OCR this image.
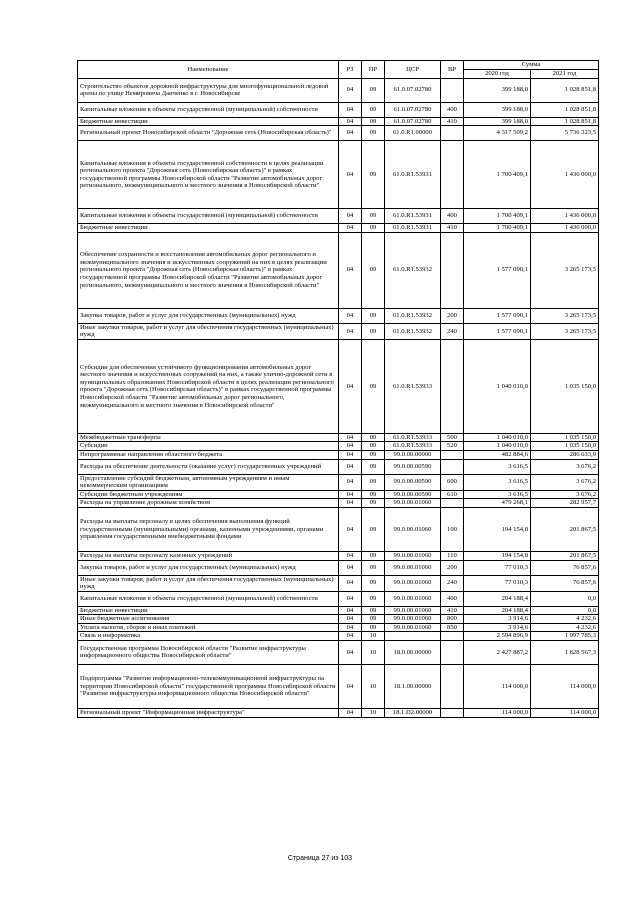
Наименование	РЗ	ПР	ЦСР	ВР	Сумма	
					2020 год	2021 год
Строительство объектов дорожной инфраструктуры для многофункциональной ледовой арены по улице Немировича Данченко в г. Новосибирске	04	09	61.0.07.02780		399 188,0	1 028 851,8
Капитальные вложения в объекты государственной (муниципальной) собственности	04	09	61.0.07.02780	400	399 188,0	1 028 851,8
Бюджетные инвестиции	04	09	61.0.07.02780	410	399 188,0	1 028 851,8
Региональный проект Новосибирской области "Дорожная сеть (Новосибирская область)"	04	09	61.0.R1.00000		4 317 509,2	5 736 323,5
Капитальные вложения в объекты государственной собственности в целях реализации регионального проекта "Дорожная сеть (Новосибирская область)" в рамках государственной программы Новосибирской области "Развитие автомобильных дорог регионального, межмуниципального и местного значения в Новосибирской области"	04	09	61.0.R1.53931		1 700 409,1	1 436 000,0
Капитальные вложения в объекты государственной (муниципальной) собственности	04	09	61.0.R1.53931	400	1 700 409,1	1 436 000,0
Бюджетные инвестиции	04	09	61.0.R1.53931	410	1 700 409,1	1 436 000,0
Обеспечение сохранности и восстановления автомобильных дорог регионального и межмуниципального значения и искусственных сооружений на них в целях реализации регионального проекта "Дорожная сеть (Новосибирская область)" в рамках государственной программы Новосибирской области "Развитие автомобильных дорог регионального, межмуниципального и местного значения в Новосибирской области"	04	09	61.0.R1.53932		1 577 090,1	3 265 173,5
Закупка товаров, работ и услуг для государственных (муниципальных) нужд	04	09	61.0.R1.53932	200	1 577 090,1	3 265 173,5
Иные закупки товаров, работ и услуг для обеспечения государственных (муниципальных) нужд	04	09	61.0.R1.53932	240	1 577 090,1	3 265 173,5
Субсидии для обеспечения устойчивого функционирования автомобильных дорог местного значения и искусственных сооружений на них, а также улично-дорожной сети в муниципальных образованиях Новосибирской области в целях реализации регионального проекта "Дорожная сеть (Новосибирская область)" в рамках государственной программы Новосибирской области "Развитие автомобильных дорог регионального, межмуниципального и местного значения в Новосибирской области"	04	09	61.0.R1.53933		1 040 010,0	1 035 150,0
Межбюджетные трансферты	04	09	61.0.R1.53933	500	1 040 010,0	1 035 150,0
Субсидии	04	09	61.0.R1.53933	520	1 040 010,0	1 035 150,0
Непрограммные направления областного бюджета	04	09	99.0.00.00000		482 884,6	286 633,9
Расходы на обеспечение деятельности (оказание услуг) государственных учреждений	04	09	99.0.00.00590		3 616,5	3 676,2
Предоставление субсидий бюджетным, автономным учреждениям и иным некоммерческим организациям	04	09	99.0.00.00590	600	3 616,5	3 676,2
Субсидии бюджетным учреждениям	04	09	99.0.00.00590	610	3 616,5	3 676,2
Расходы на управление дорожным хозяйством	04	09	99.0.00.01060		479 268,1	282 957,7
Расходы на выплаты персоналу в целях обеспечения выполнения функций государственными (муниципальными) органами, казенными учреждениями, органами управления государственными внебюджетными фондами	04	09	99.0.00.01060	100	194 154,8	201 867,5
Расходы на выплаты персоналу казенных учреждений	04	09	99.0.00.01060	110	194 154,8	201 867,5
Закупка товаров, работ и услуг для государственных (муниципальных) нужд	04	09	99.0.00.01060	200	77 010,3	76 857,6
Иные закупки товаров, работ и услуг для обеспечения государственных (муниципальных) нужд	04	09	99.0.00.01060	240	77 010,3	76 857,6
Капитальные вложения в объекты государственной (муниципальной) собственности	04	09	99.0.00.01060	400	204 188,4	0,0
Бюджетные инвестиции	04	09	99.0.00.01060	410	204 188,4	0,0
Иные бюджетные ассигнования	04	09	99.0.00.01060	800	3 914,6	4 232,6
Уплата налогов, сборов и иных платежей	04	09	99.0.00.01060	850	3 914,6	4 232,6
Связь и информатика	04	10			2 594 896,9	1 997 785,3
Государственная программа Новосибирской области "Развитие инфраструктуры информационного общества Новосибирской области"	04	10	18.0.00.00000		2 427 887,2	1 828 567,3
Подпрограмма "Развитие информационно-телекоммуникационной инфраструктуры на территории Новосибирской области" государственной программы Новосибирской области "Развитие инфраструктуры информационного общества Новосибирской области"	04	10	18.1.00.00000		114 000,0	114 000,0
Региональный проект "Информационная инфраструктура"	04	10	18.1.D2.00000		114 000,0	114 000,0
Страница 27 из 103
